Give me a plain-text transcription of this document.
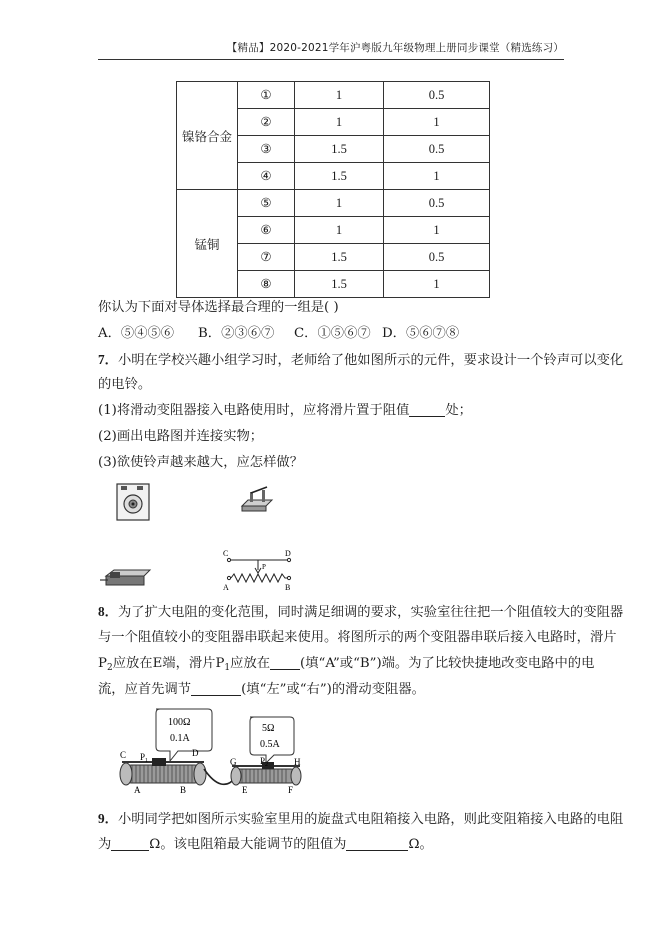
【精品】2020-2021学年沪粤版九年级物理上册同步课堂（精选练习）
镍铬合金	①	1	0.5
	②	1	1
	③	1.5	0.5
	④	1.5	1
锰铜	⑤	1	0.5
	⑥	1	1
	⑦	1.5	0.5
	⑧	1.5	1
你认为下面对导体选择最合理的一组是( )
A．⑤④⑤⑥ B．②③⑥⑦ C．①⑤⑥⑦ D．⑤⑥⑦⑧
7．小明在学校兴趣小组学习时，老师给了他如图所示的元件，要求设计一个铃声可以变化
的电铃。
(1)将滑动变阻器接入电路使用时，应将滑片置于阻值	处；
(2)画出电路图并连接实物；
(3)欲使铃声越来越大，应怎样做？
C	D
P
A	B
8．为了扩大电阻的变化范围，同时满足细调的要求，实验室往往把一个阻值较大的变阻器
与一个阻值较小的变阻器串联起来使用。将图所示的两个变阻器串联后接入电路时，滑片
$P_2$应放在E端，滑片$P_1$应放在 (填“A”或“B”)端。为了比较快捷地改变电路中的电
流，应首先调节	(填“左”或“右”)的滑动变阻器。
100Ω
0.1A
5Ω
0.5A
C $P_1$
D
A	B
G	$P_2$	H
E	F
9．小明同学把如图所示实验室里用的旋盘式电阻箱接入电路，则此变阻箱接入电路的电阻
为	Ω。该电阻箱最大能调节的阻值为	Ω。
